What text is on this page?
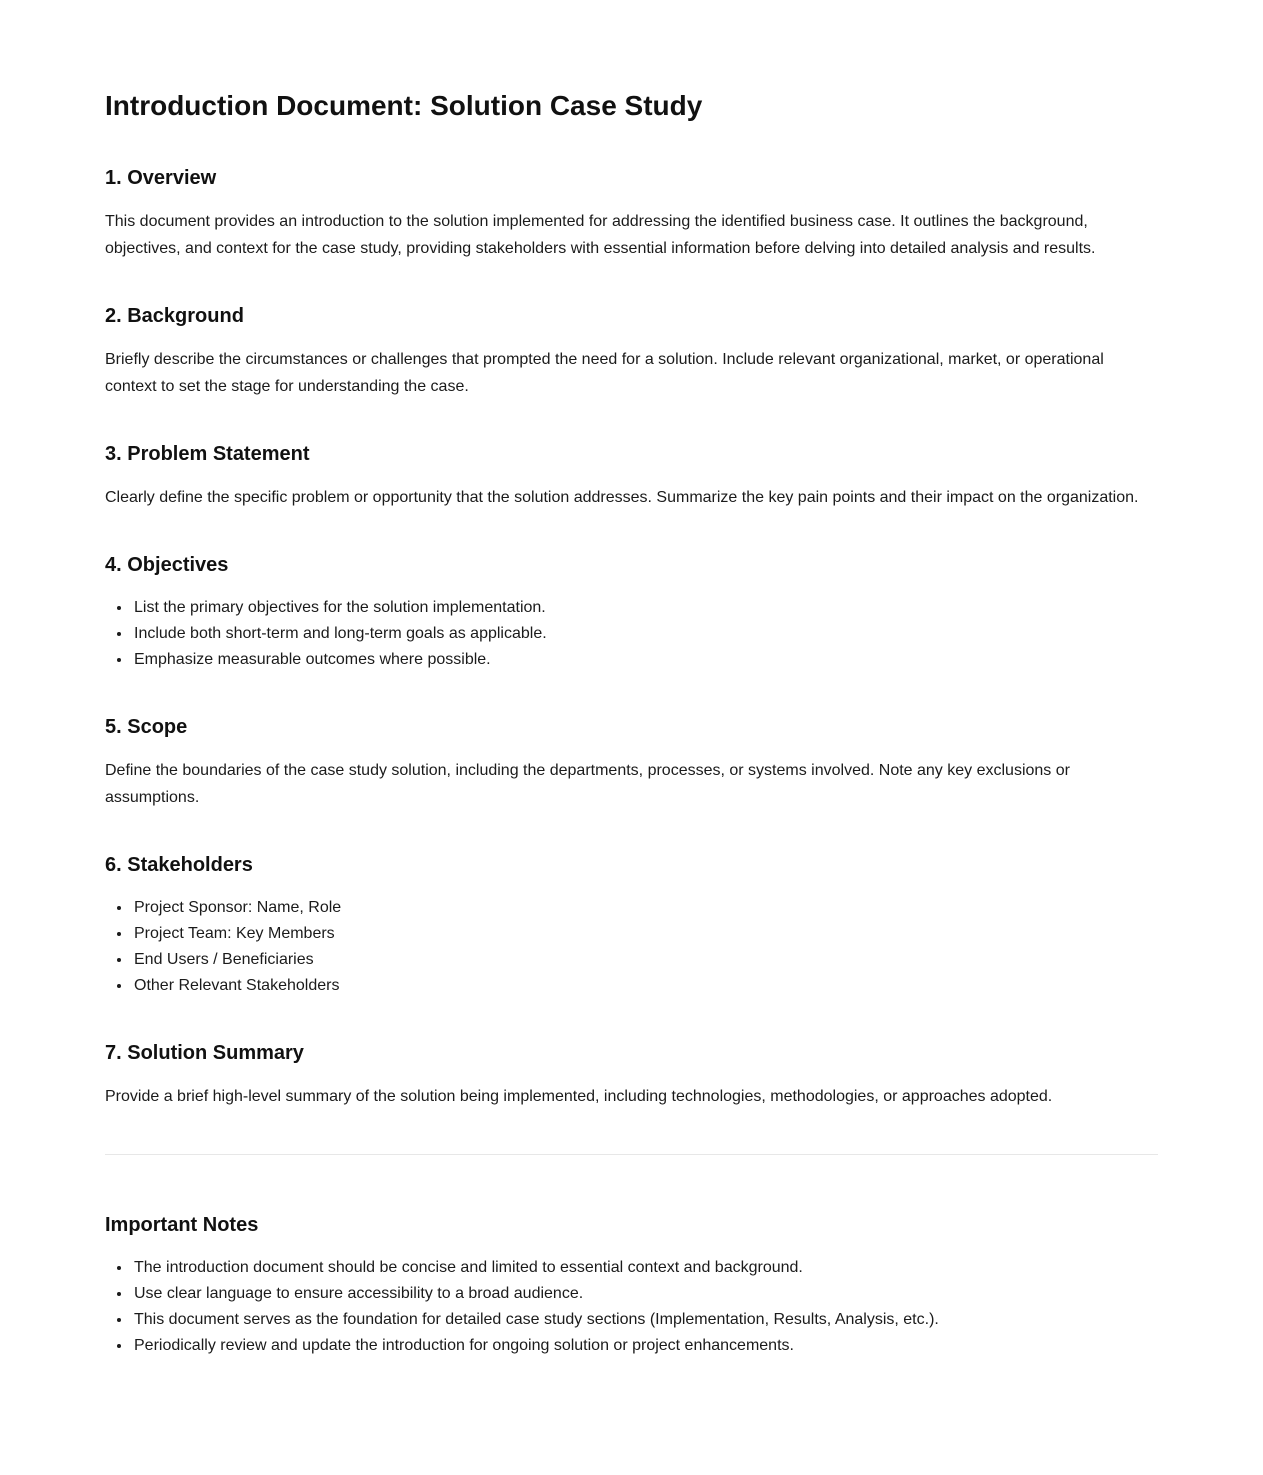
Introduction Document: Solution Case Study
1. Overview

This document provides an introduction to the solution implemented for addressing the identified business case. It outlines the background, objectives, and context for the case study, providing stakeholders with essential information before delving into detailed analysis and results.

2. Background

Briefly describe the circumstances or challenges that prompted the need for a solution. Include relevant organizational, market, or operational context to set the stage for understanding the case.

3. Problem Statement

Clearly define the specific problem or opportunity that the solution addresses. Summarize the key pain points and their impact on the organization.

4. Objectives
• List the primary objectives for the solution implementation.
• Include both short-term and long-term goals as applicable.
• Emphasize measurable outcomes where possible.
5. Scope

Define the boundaries of the case study solution, including the departments, processes, or systems involved. Note any key exclusions or assumptions.

6. Stakeholders
• Project Sponsor: Name, Role
• Project Team: Key Members
• End Users / Beneficiaries
• Other Relevant Stakeholders
7. Solution Summary

Provide a brief high-level summary of the solution being implemented, including technologies, methodologies, or approaches adopted.

Important Notes
• The introduction document should be concise and limited to essential context and background.
• Use clear language to ensure accessibility to a broad audience.
• This document serves as the foundation for detailed case study sections (Implementation, Results, Analysis, etc.).
• Periodically review and update the introduction for ongoing solution or project enhancements.
